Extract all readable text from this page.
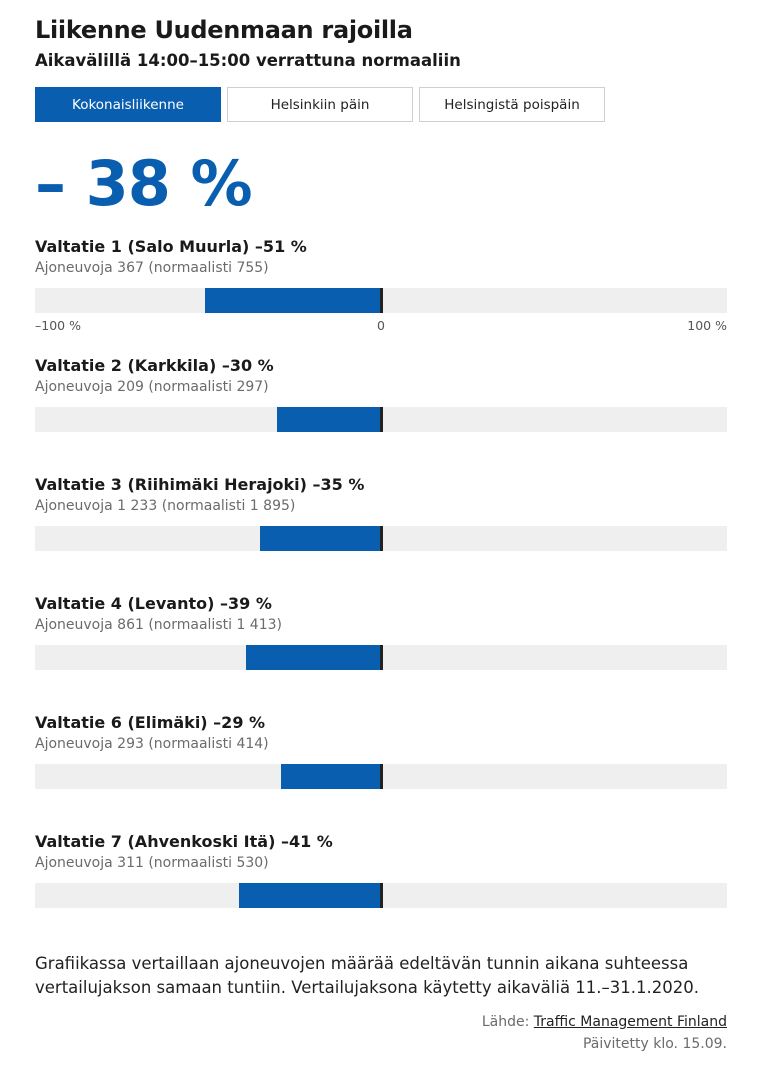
Liikenne Uudenmaan rajoilla
Aikavälillä 14:00–15:00 verrattuna normaaliin
Kokonaisliikenne	Helsinkiin päin	Helsingistä poispäin
– 38 %
Valtatie 1 (Salo Muurla) –51 %
Ajoneuvoja 367 (normaalisti 755)
–100 %	0	100 %
Valtatie 2 (Karkkila) –30 %
Ajoneuvoja 209 (normaalisti 297)
Valtatie 3 (Riihimäki Herajoki) –35 %
Ajoneuvoja 1 233 (normaalisti 1 895)
Valtatie 4 (Levanto) –39 %
Ajoneuvoja 861 (normaalisti 1 413)
Valtatie 6 (Elimäki) –29 %
Ajoneuvoja 293 (normaalisti 414)
Valtatie 7 (Ahvenkoski Itä) –41 %
Ajoneuvoja 311 (normaalisti 530)
Grafiikassa vertaillaan ajoneuvojen määrää edeltävän tunnin aikana suhteessa vertailujakson samaan tuntiin. Vertailujaksona käytetty aikaväliä 11.–31.1.2020.
Lähde: Traffic Management Finland
Päivitetty klo. 15.09.
